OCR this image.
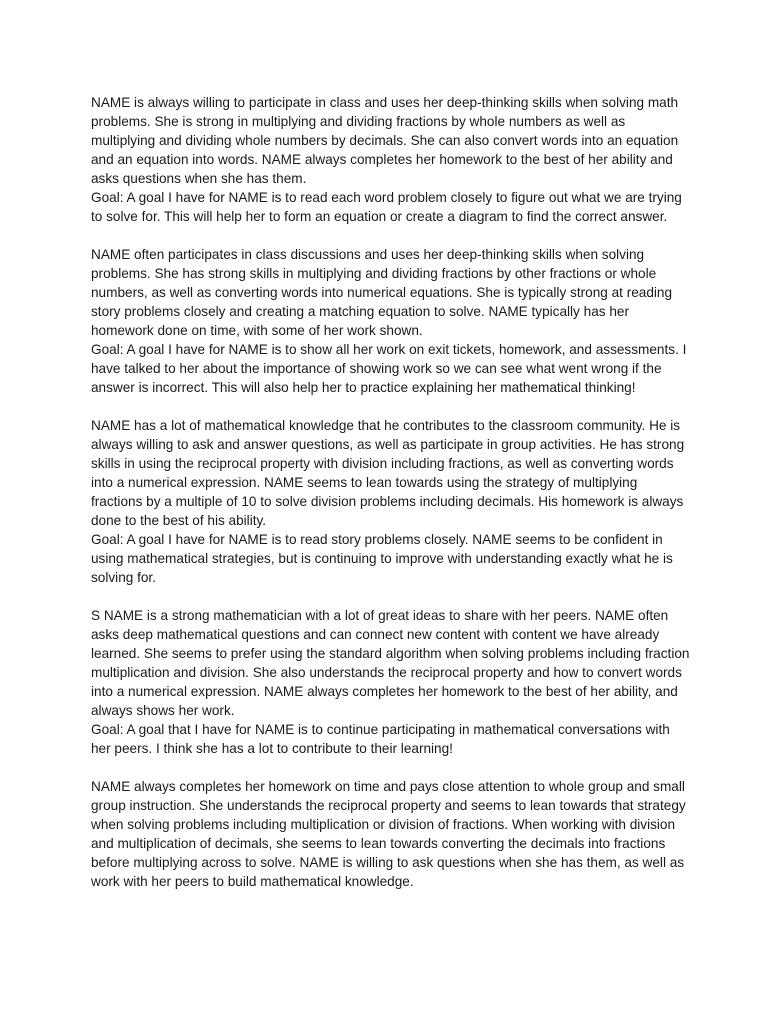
NAME is always willing to participate in class and uses her deep-thinking skills when solving math problems. She is strong in multiplying and dividing fractions by whole numbers as well as multiplying and dividing whole numbers by decimals. She can also convert words into an equation and an equation into words. NAME always completes her homework to the best of her ability and asks questions when she has them.

Goal: A goal I have for NAME is to read each word problem closely to figure out what we are trying to solve for. This will help her to form an equation or create a diagram to find the correct answer.

NAME often participates in class discussions and uses her deep-thinking skills when solving problems. She has strong skills in multiplying and dividing fractions by other fractions or whole numbers, as well as converting words into numerical equations. She is typically strong at reading story problems closely and creating a matching equation to solve. NAME typically has her homework done on time, with some of her work shown.

Goal: A goal I have for NAME is to show all her work on exit tickets, homework, and assessments. I have talked to her about the importance of showing work so we can see what went wrong if the answer is incorrect. This will also help her to practice explaining her mathematical thinking!

NAME has a lot of mathematical knowledge that he contributes to the classroom community. He is always willing to ask and answer questions, as well as participate in group activities. He has strong skills in using the reciprocal property with division including fractions, as well as converting words into a numerical expression. NAME seems to lean towards using the strategy of multiplying fractions by a multiple of 10 to solve division problems including decimals. His homework is always done to the best of his ability.

Goal: A goal I have for NAME is to read story problems closely. NAME seems to be confident in using mathematical strategies, but is continuing to improve with understanding exactly what he is solving for.

S NAME is a strong mathematician with a lot of great ideas to share with her peers. NAME often asks deep mathematical questions and can connect new content with content we have already learned. She seems to prefer using the standard algorithm when solving problems including fraction multiplication and division. She also understands the reciprocal property and how to convert words into a numerical expression. NAME always completes her homework to the best of her ability, and always shows her work.

Goal: A goal that I have for NAME is to continue participating in mathematical conversations with her peers. I think she has a lot to contribute to their learning!

NAME always completes her homework on time and pays close attention to whole group and small group instruction. She understands the reciprocal property and seems to lean towards that strategy when solving problems including multiplication or division of fractions. When working with division and multiplication of decimals, she seems to lean towards converting the decimals into fractions before multiplying across to solve. NAME is willing to ask questions when she has them, as well as work with her peers to build mathematical knowledge.
